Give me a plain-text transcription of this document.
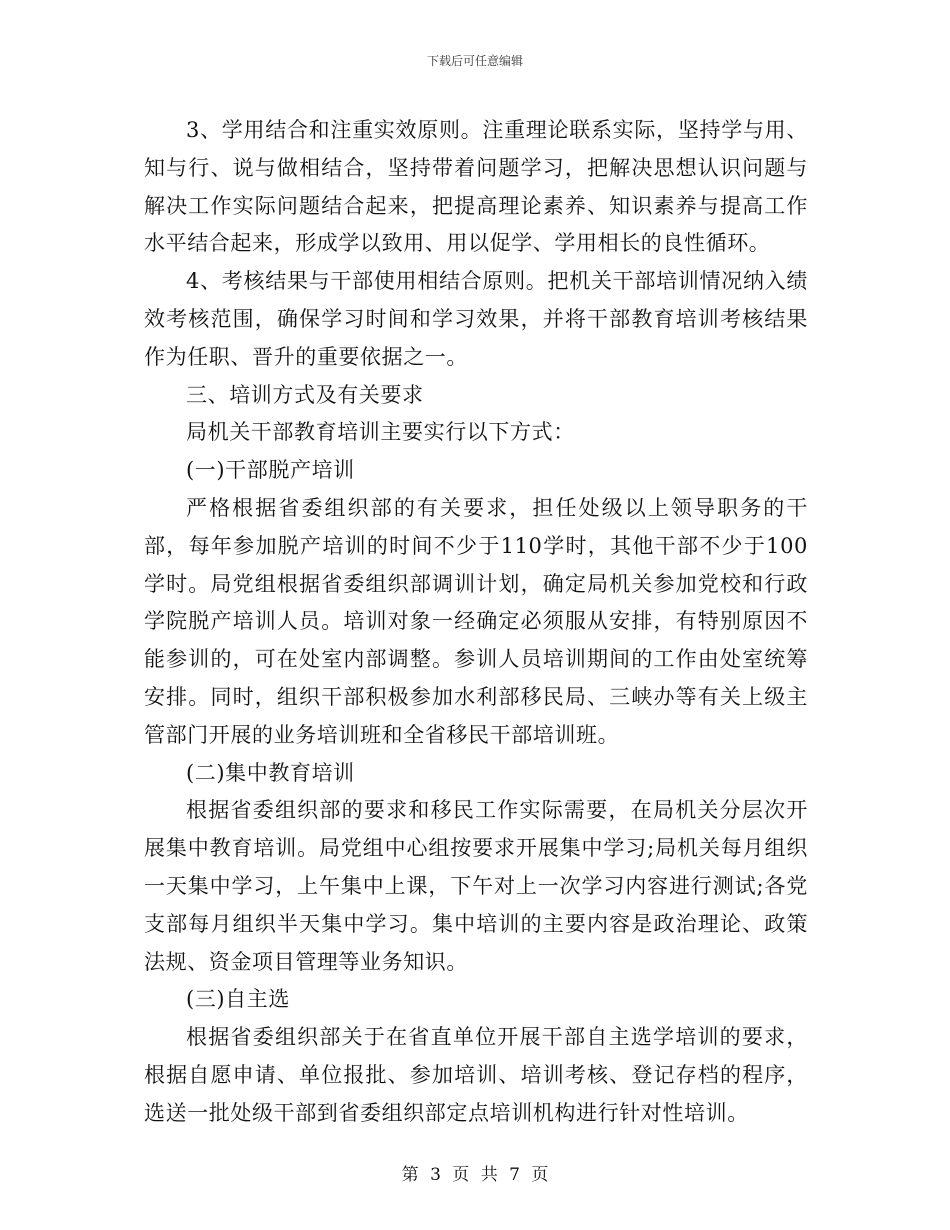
下载后可任意编辑

3、学用结合和注重实效原则。注重理论联系实际，坚持学与用、知与行、说与做相结合，坚持带着问题学习，把解决思想认识问题与解决工作实际问题结合起来，把提高理论素养、知识素养与提高工作水平结合起来，形成学以致用、用以促学、学用相长的良性循环。

4、考核结果与干部使用相结合原则。把机关干部培训情况纳入绩效考核范围，确保学习时间和学习效果，并将干部教育培训考核结果作为任职、晋升的重要依据之一。

三、培训方式及有关要求

局机关干部教育培训主要实行以下方式：

(一)干部脱产培训

严格根据省委组织部的有关要求，担任处级以上领导职务的干部，每年参加脱产培训的时间不少于110学时，其他干部不少于100学时。局党组根据省委组织部调训计划，确定局机关参加党校和行政学院脱产培训人员。培训对象一经确定必须服从安排，有特别原因不能参训的，可在处室内部调整。参训人员培训期间的工作由处室统筹安排。同时，组织干部积极参加水利部移民局、三峡办等有关上级主管部门开展的业务培训班和全省移民干部培训班。

(二)集中教育培训

根据省委组织部的要求和移民工作实际需要，在局机关分层次开展集中教育培训。局党组中心组按要求开展集中学习;局机关每月组织一天集中学习，上午集中上课，下午对上一次学习内容进行测试;各党支部每月组织半天集中学习。集中培训的主要内容是政治理论、政策法规、资金项目管理等业务知识。

(三)自主选

根据省委组织部关于在省直单位开展干部自主选学培训的要求，根据自愿申请、单位报批、参加培训、培训考核、登记存档的程序，选送一批处级干部到省委组织部定点培训机构进行针对性培训。

第 3 页 共 7 页
